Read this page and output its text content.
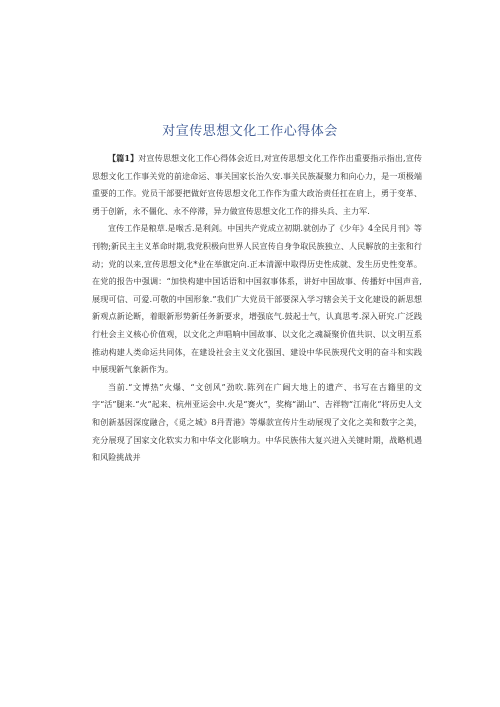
对宣传思想文化工作心得体会

【篇1】对宣传思想文化工作心得体会近日,对宣传思想文化工作作出重要指示指出,宣传思想文化工作事关党的前途命运、事关国家长治久安.事关民族凝聚力和向心力，是一项极端重要的工作。党员干部要把做好宣传思想文化工作作为重大政治责任扛在肩上，勇于变革、勇于创新，永不僵化、永不停滞，异力做宣传思想文化工作的排头兵、主力军.

宣传工作是粮草.是喉舌.是利剑。中国共产党成立初期.就创办了《少年》4全民月刊》等刊物;新民主主义革命时期,我党积极向世界人民宣传自身争取民族独立、人民解放的主张和行动；党的以来,宣传思想文化*业在举旗定向.正本清源中取得历史性成就、发生历史性变革。在党的报告中强调：“加快构建中国话语和中国叙事体系，讲好中国故事、传播好中国声音,展现可信、可爱.可敬的中国形象.”我们广大党员干部要深入学习辖会关于文化建设的新思想新观点新论断，着眼新形势新任务新要求，增强底气.鼓起士气，认真思考.深入研究.广泛践行杜会主义核心价值观，以文化之声唱响中国故事、以文化之魂凝聚价值共识、以文明互系推动构建人类命运共同体，在建设社会主义文化强国、建设中华民族现代文明的奋斗和实践中展现新气象新作为。

当前.“文博热”火爆、“文创风”劲吹.陈列在广阔大地上的遗产、书写在古籍里的文字“活”腿来.“火”起来、杭州亚运会中.火是“赛火”，奖梅“湖山”、吉祥物“江南化”将历史人文和创新基因深度融合，《觅之城》8丹青港》等爆款宣传片生动展现了文化之美和数字之美，充分展现了国家文化软实力和中华文化影响力。中华民族伟大复兴进入关键时期，战略机遇和风险挑战并
